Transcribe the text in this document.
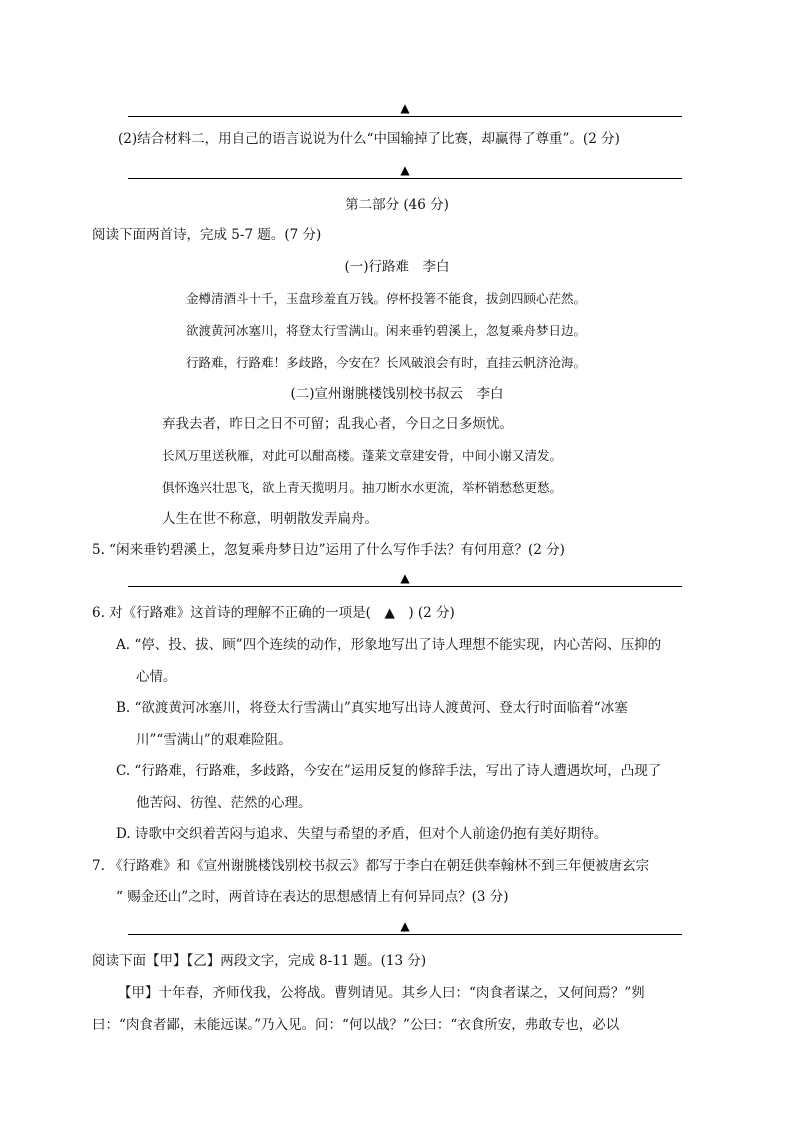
▲
(2)结合材料二，用自己的语言说说为什么“中国输掉了比赛，却赢得了尊重”。(2 分)
▲
第二部分 (46 分)
阅读下面两首诗，完成 5-7 题。(7 分)
(一)行路难　李白
金樽清酒斗十千，玉盘珍羞直万钱。停杯投箸不能食，拔剑四顾心茫然。
欲渡黄河冰塞川，将登太行雪满山。闲来垂钓碧溪上，忽复乘舟梦日边。
行路难，行路难！多歧路，今安在？长风破浪会有时，直挂云帆济沧海。
(二)宣州谢朓楼饯别校书叔云　李白
弃我去者，昨日之日不可留；乱我心者，今日之日多烦忧。
长风万里送秋雁，对此可以酣高楼。蓬莱文章建安骨，中间小谢又清发。
俱怀逸兴壮思飞，欲上青天揽明月。抽刀断水水更流，举杯销愁愁更愁。
人生在世不称意，明朝散发弄扁舟。
5. “闲来垂钓碧溪上，忽复乘舟梦日边”运用了什么写作手法？有何用意？(2 分)
▲
6. 对《行路难》这首诗的理解不正确的一项是(　▲　) (2 分)
A. “停、投、拔、顾”四个连续的动作，形象地写出了诗人理想不能实现，内心苦闷、压抑的
心情。
B. “欲渡黄河冰塞川，将登太行雪满山”真实地写出诗人渡黄河、登太行时面临着“冰塞
川”“雪满山”的艰难险阻。
C. “行路难，行路难，多歧路，今安在”运用反复的修辞手法，写出了诗人遭遇坎坷，凸现了
他苦闷、彷徨、茫然的心理。
D. 诗歌中交织着苦闷与追求、失望与希望的矛盾，但对个人前途仍抱有美好期待。
7. 《行路难》和《宣州谢朓楼饯别校书叔云》都写于李白在朝廷供奉翰林不到三年便被唐玄宗
“ 赐金还山”之时，两首诗在表达的思想感情上有何异同点？(3 分)
▲
阅读下面【甲】【乙】两段文字，完成 8-11 题。(13 分)
【甲】十年春，齐师伐我，公将战。曹刿请见。其乡人曰：“肉食者谋之，又何间焉？”刿
曰：“肉食者鄙，未能远谋。”乃入见。问：“何以战？”公曰：“衣食所安，弗敢专也，必以
